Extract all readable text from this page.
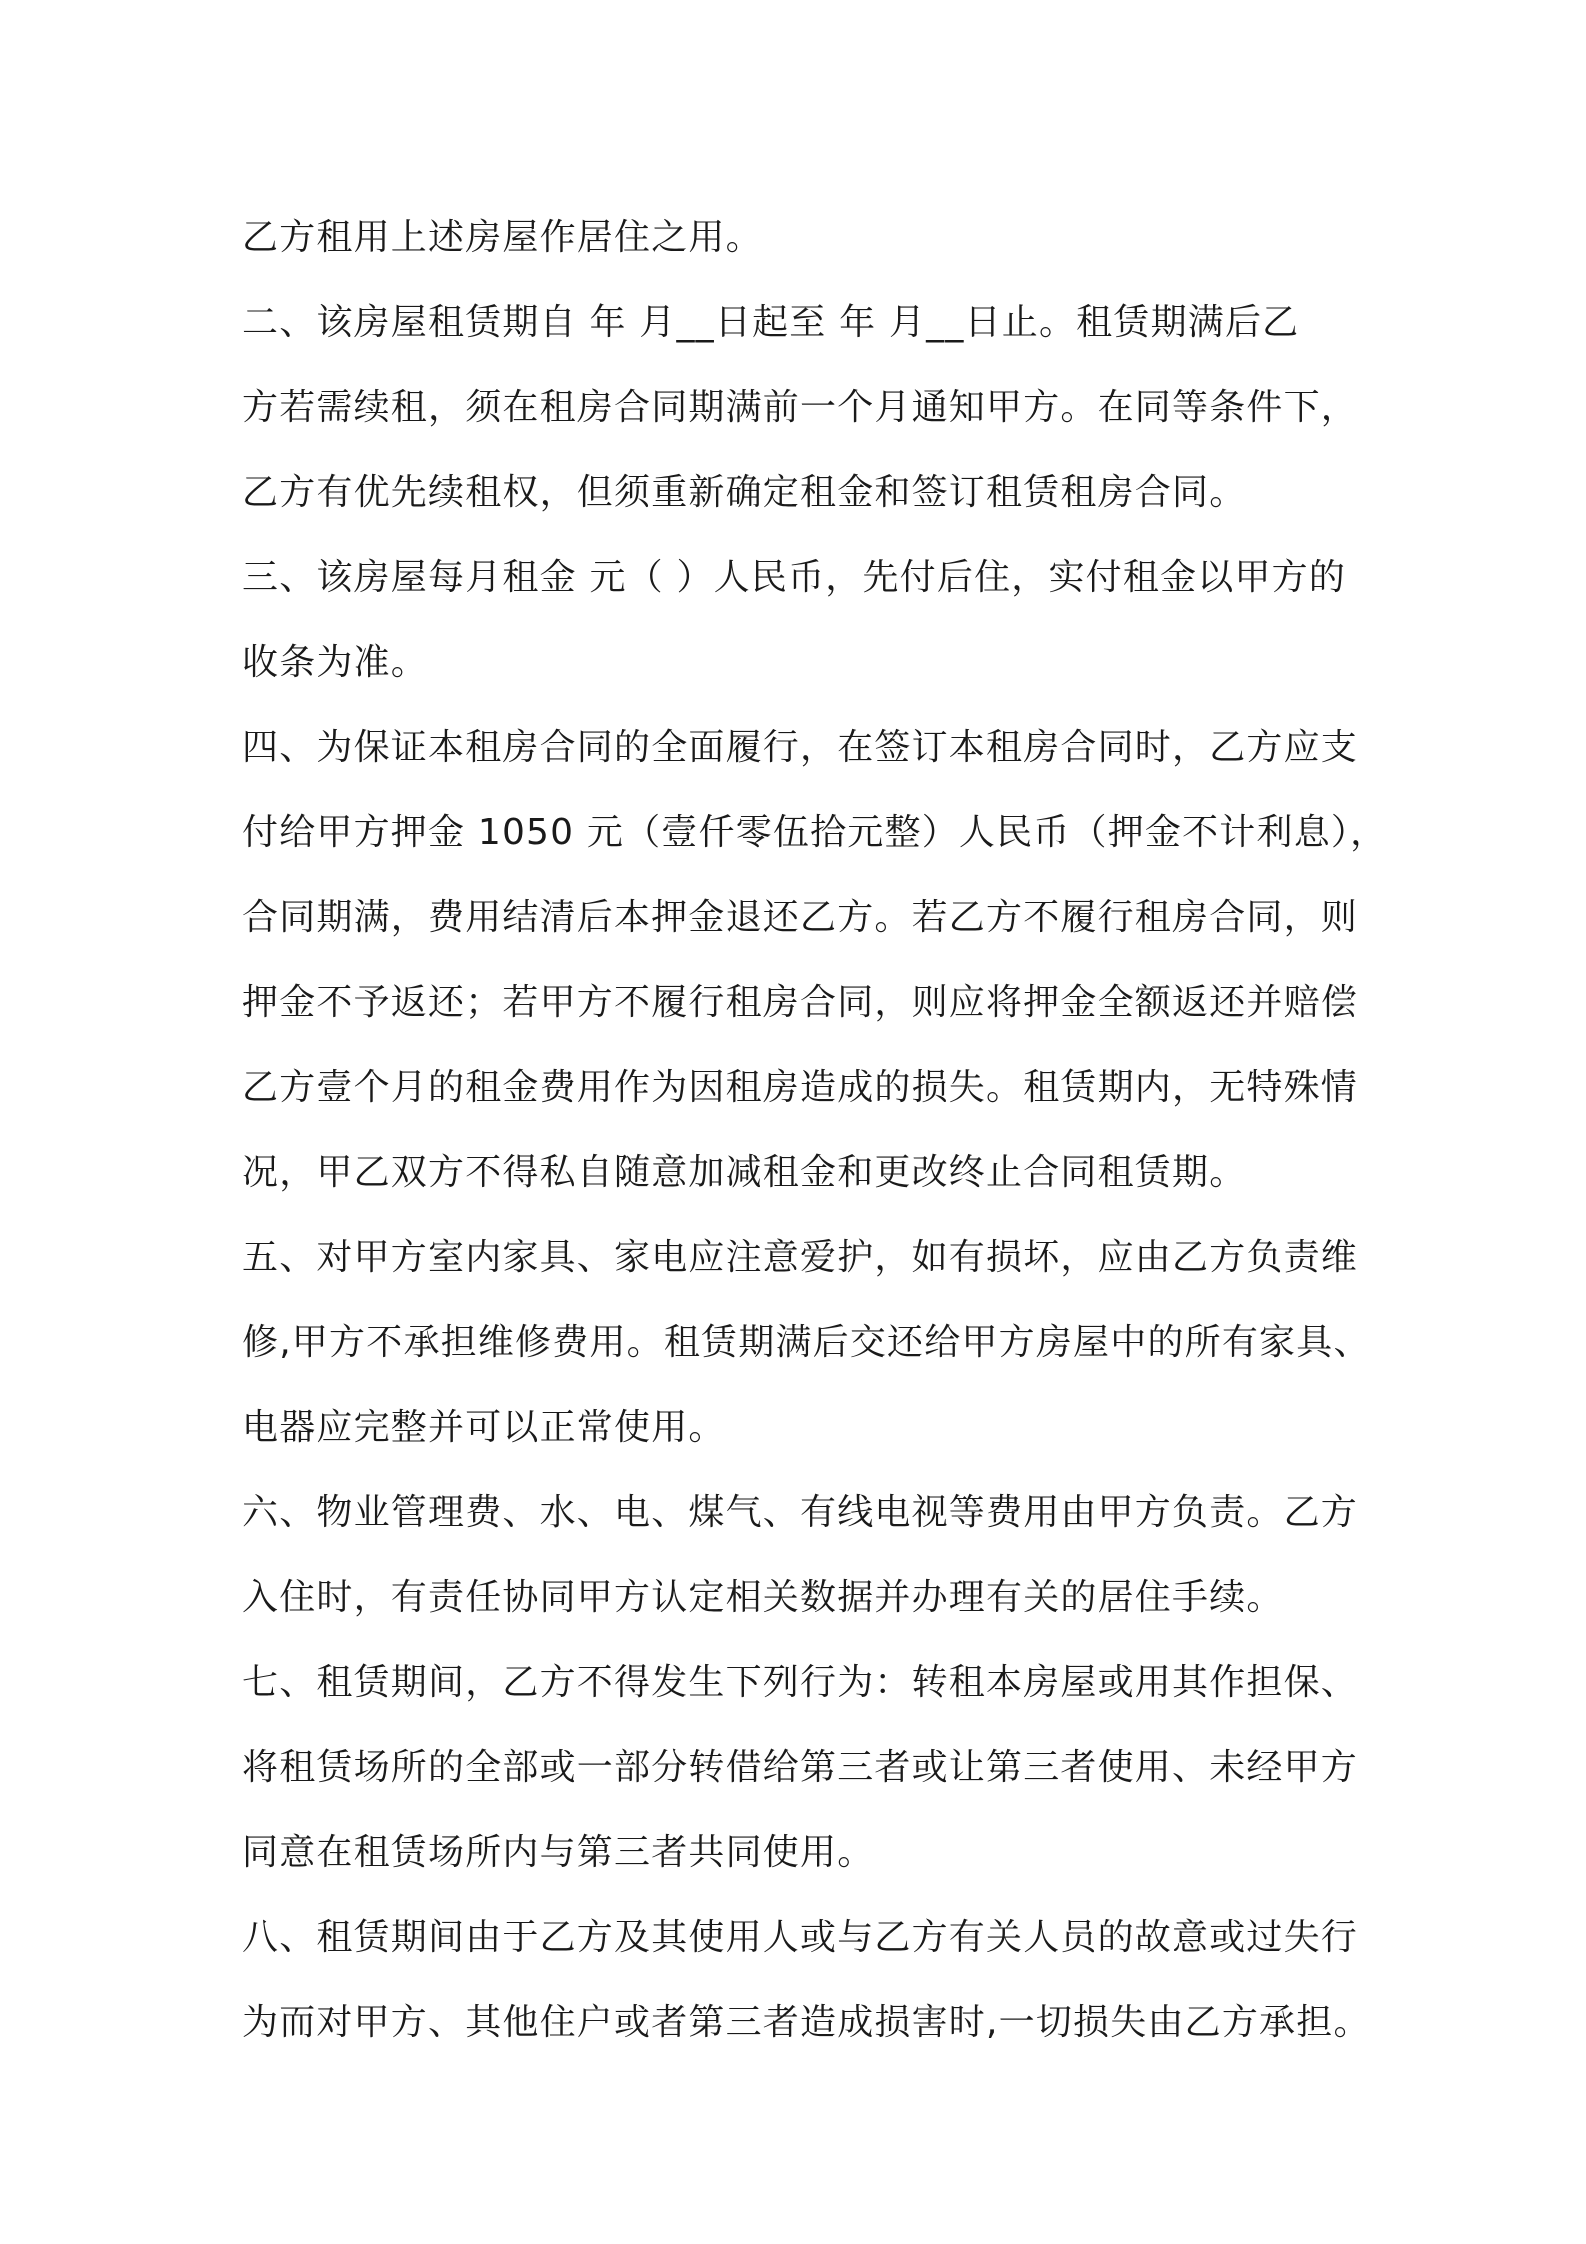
乙方租用上述房屋作居住之用。
二、该房屋租赁期自 年 月__日起至 年 月__日止。租赁期满后乙
方若需续租，须在租房合同期满前一个月通知甲方。在同等条件下，
乙方有优先续租权，但须重新确定租金和签订租赁租房合同。
三、该房屋每月租金 元（ ）人民币，先付后住，实付租金以甲方的
收条为准。
四、为保证本租房合同的全面履行，在签订本租房合同时，乙方应支
付给甲方押金 1050 元（壹仟零伍拾元整）人民币（押金不计利息），
合同期满，费用结清后本押金退还乙方。若乙方不履行租房合同，则
押金不予返还；若甲方不履行租房合同，则应将押金全额返还并赔偿
乙方壹个月的租金费用作为因租房造成的损失。租赁期内，无特殊情
况，甲乙双方不得私自随意加减租金和更改终止合同租赁期。
五、对甲方室内家具、家电应注意爱护，如有损坏，应由乙方负责维
修,甲方不承担维修费用。租赁期满后交还给甲方房屋中的所有家具、
电器应完整并可以正常使用。
六、物业管理费、水、电、煤气、有线电视等费用由甲方负责。乙方
入住时，有责任协同甲方认定相关数据并办理有关的居住手续。
七、租赁期间，乙方不得发生下列行为：转租本房屋或用其作担保、
将租赁场所的全部或一部分转借给第三者或让第三者使用、未经甲方
同意在租赁场所内与第三者共同使用。
八、租赁期间由于乙方及其使用人或与乙方有关人员的故意或过失行
为而对甲方、其他住户或者第三者造成损害时,一切损失由乙方承担。
